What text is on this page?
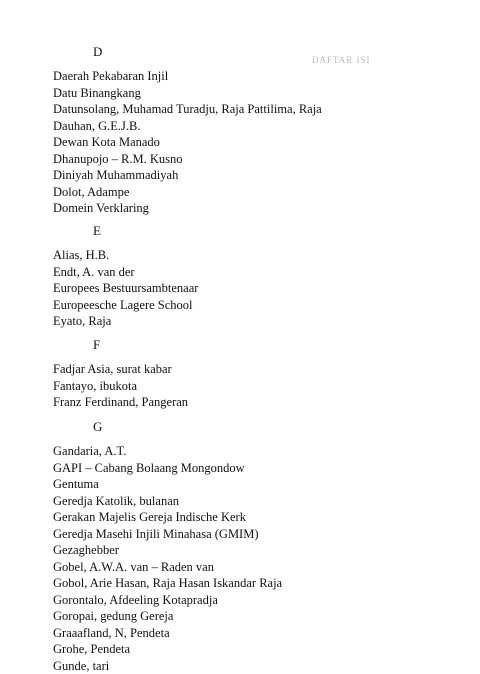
DAFTAR ISI
D
Daerah Pekabaran Injil
Datu Binangkang
Datunsolang, Muhamad Turadju, Raja Pattilima, Raja
Dauhan, G.E.J.B.
Dewan Kota Manado
Dhanupojo – R.M. Kusno
Diniyah Muhammadiyah
Dolot, Adampe
Domein Verklaring
E
Alias, H.B.
Endt, A. van der
Europees Bestuursambtenaar
Europeesche Lagere School
Eyato, Raja
F
Fadjar Asia, surat kabar
Fantayo, ibukota
Franz Ferdinand, Pangeran
G
Gandaria, A.T.
GAPI – Cabang Bolaang Mongondow
Gentuma
Geredja Katolik, bulanan
Gerakan Majelis Gereja Indische Kerk
Geredja Masehi Injili Minahasa (GMIM)
Gezaghebber
Gobel, A.W.A. van – Raden van
Gobol, Arie Hasan, Raja Hasan Iskandar Raja
Gorontalo, Afdeeling Kotapradja
Goropai, gedung Gereja
Graaafland, N, Pendeta
Grohe, Pendeta
Gunde, tari
